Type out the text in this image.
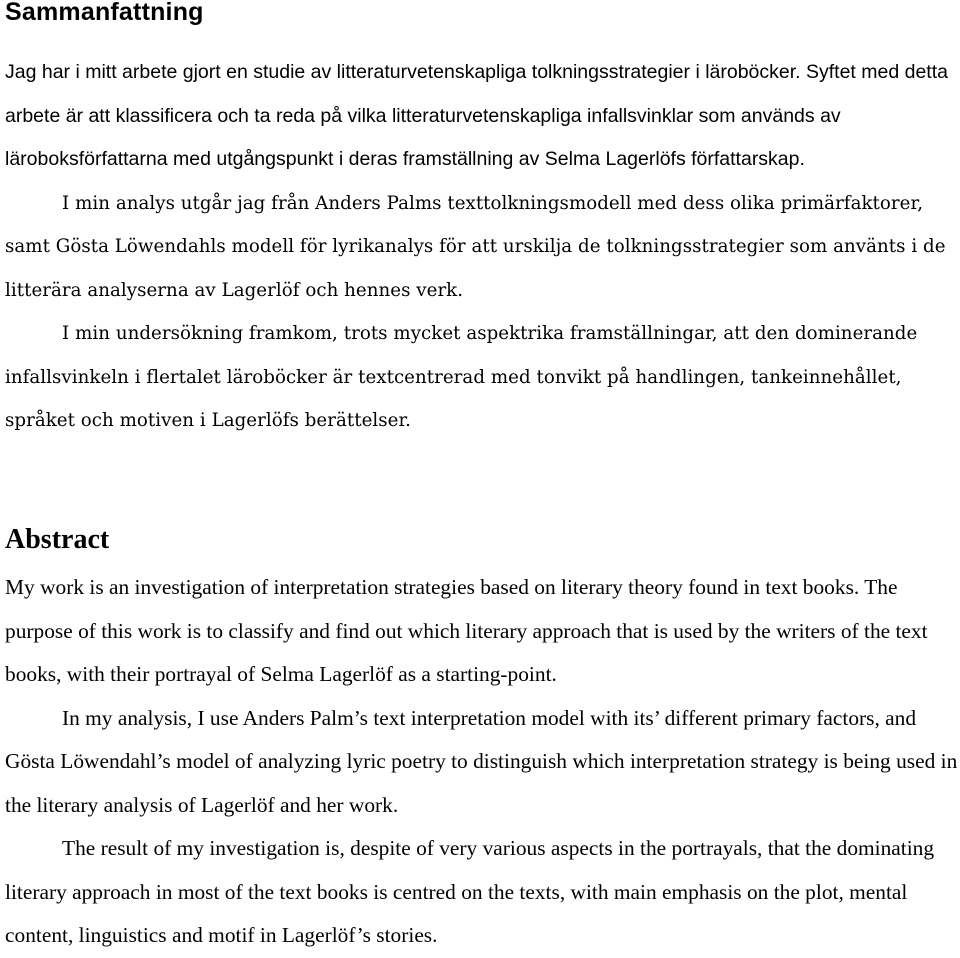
Sammanfattning

Jag har i mitt arbete gjort en studie av litteraturvetenskapliga tolkningsstrategier i läroböcker. Syftet med detta arbete är att klassificera och ta reda på vilka litteraturvetenskapliga infallsvinklar som används av läroboksförfattarna med utgångspunkt i deras framställning av Selma Lagerlöfs författarskap.

I min analys utgår jag från Anders Palms texttolkningsmodell med dess olika primärfaktorer, samt Gösta Löwendahls modell för lyrikanalys för att urskilja de tolkningsstrategier som använts i de litterära analyserna av Lagerlöf och hennes verk.

I min undersökning framkom, trots mycket aspektrika framställningar, att den dominerande infallsvinkeln i flertalet läroböcker är textcentrerad med tonvikt på handlingen, tankeinnehållet, språket och motiven i Lagerlöfs berättelser.

Abstract

My work is an investigation of interpretation strategies based on literary theory found in text books. The purpose of this work is to classify and find out which literary approach that is used by the writers of the text books, with their portrayal of Selma Lagerlöf as a starting-point.

In my analysis, I use Anders Palm’s text interpretation model with its’ different primary factors, and Gösta Löwendahl’s model of analyzing lyric poetry to distinguish which interpretation strategy is being used in the literary analysis of Lagerlöf and her work.

The result of my investigation is, despite of very various aspects in the portrayals, that the dominating literary approach in most of the text books is centred on the texts, with main emphasis on the plot, mental content, linguistics and motif in Lagerlöf’s stories.
